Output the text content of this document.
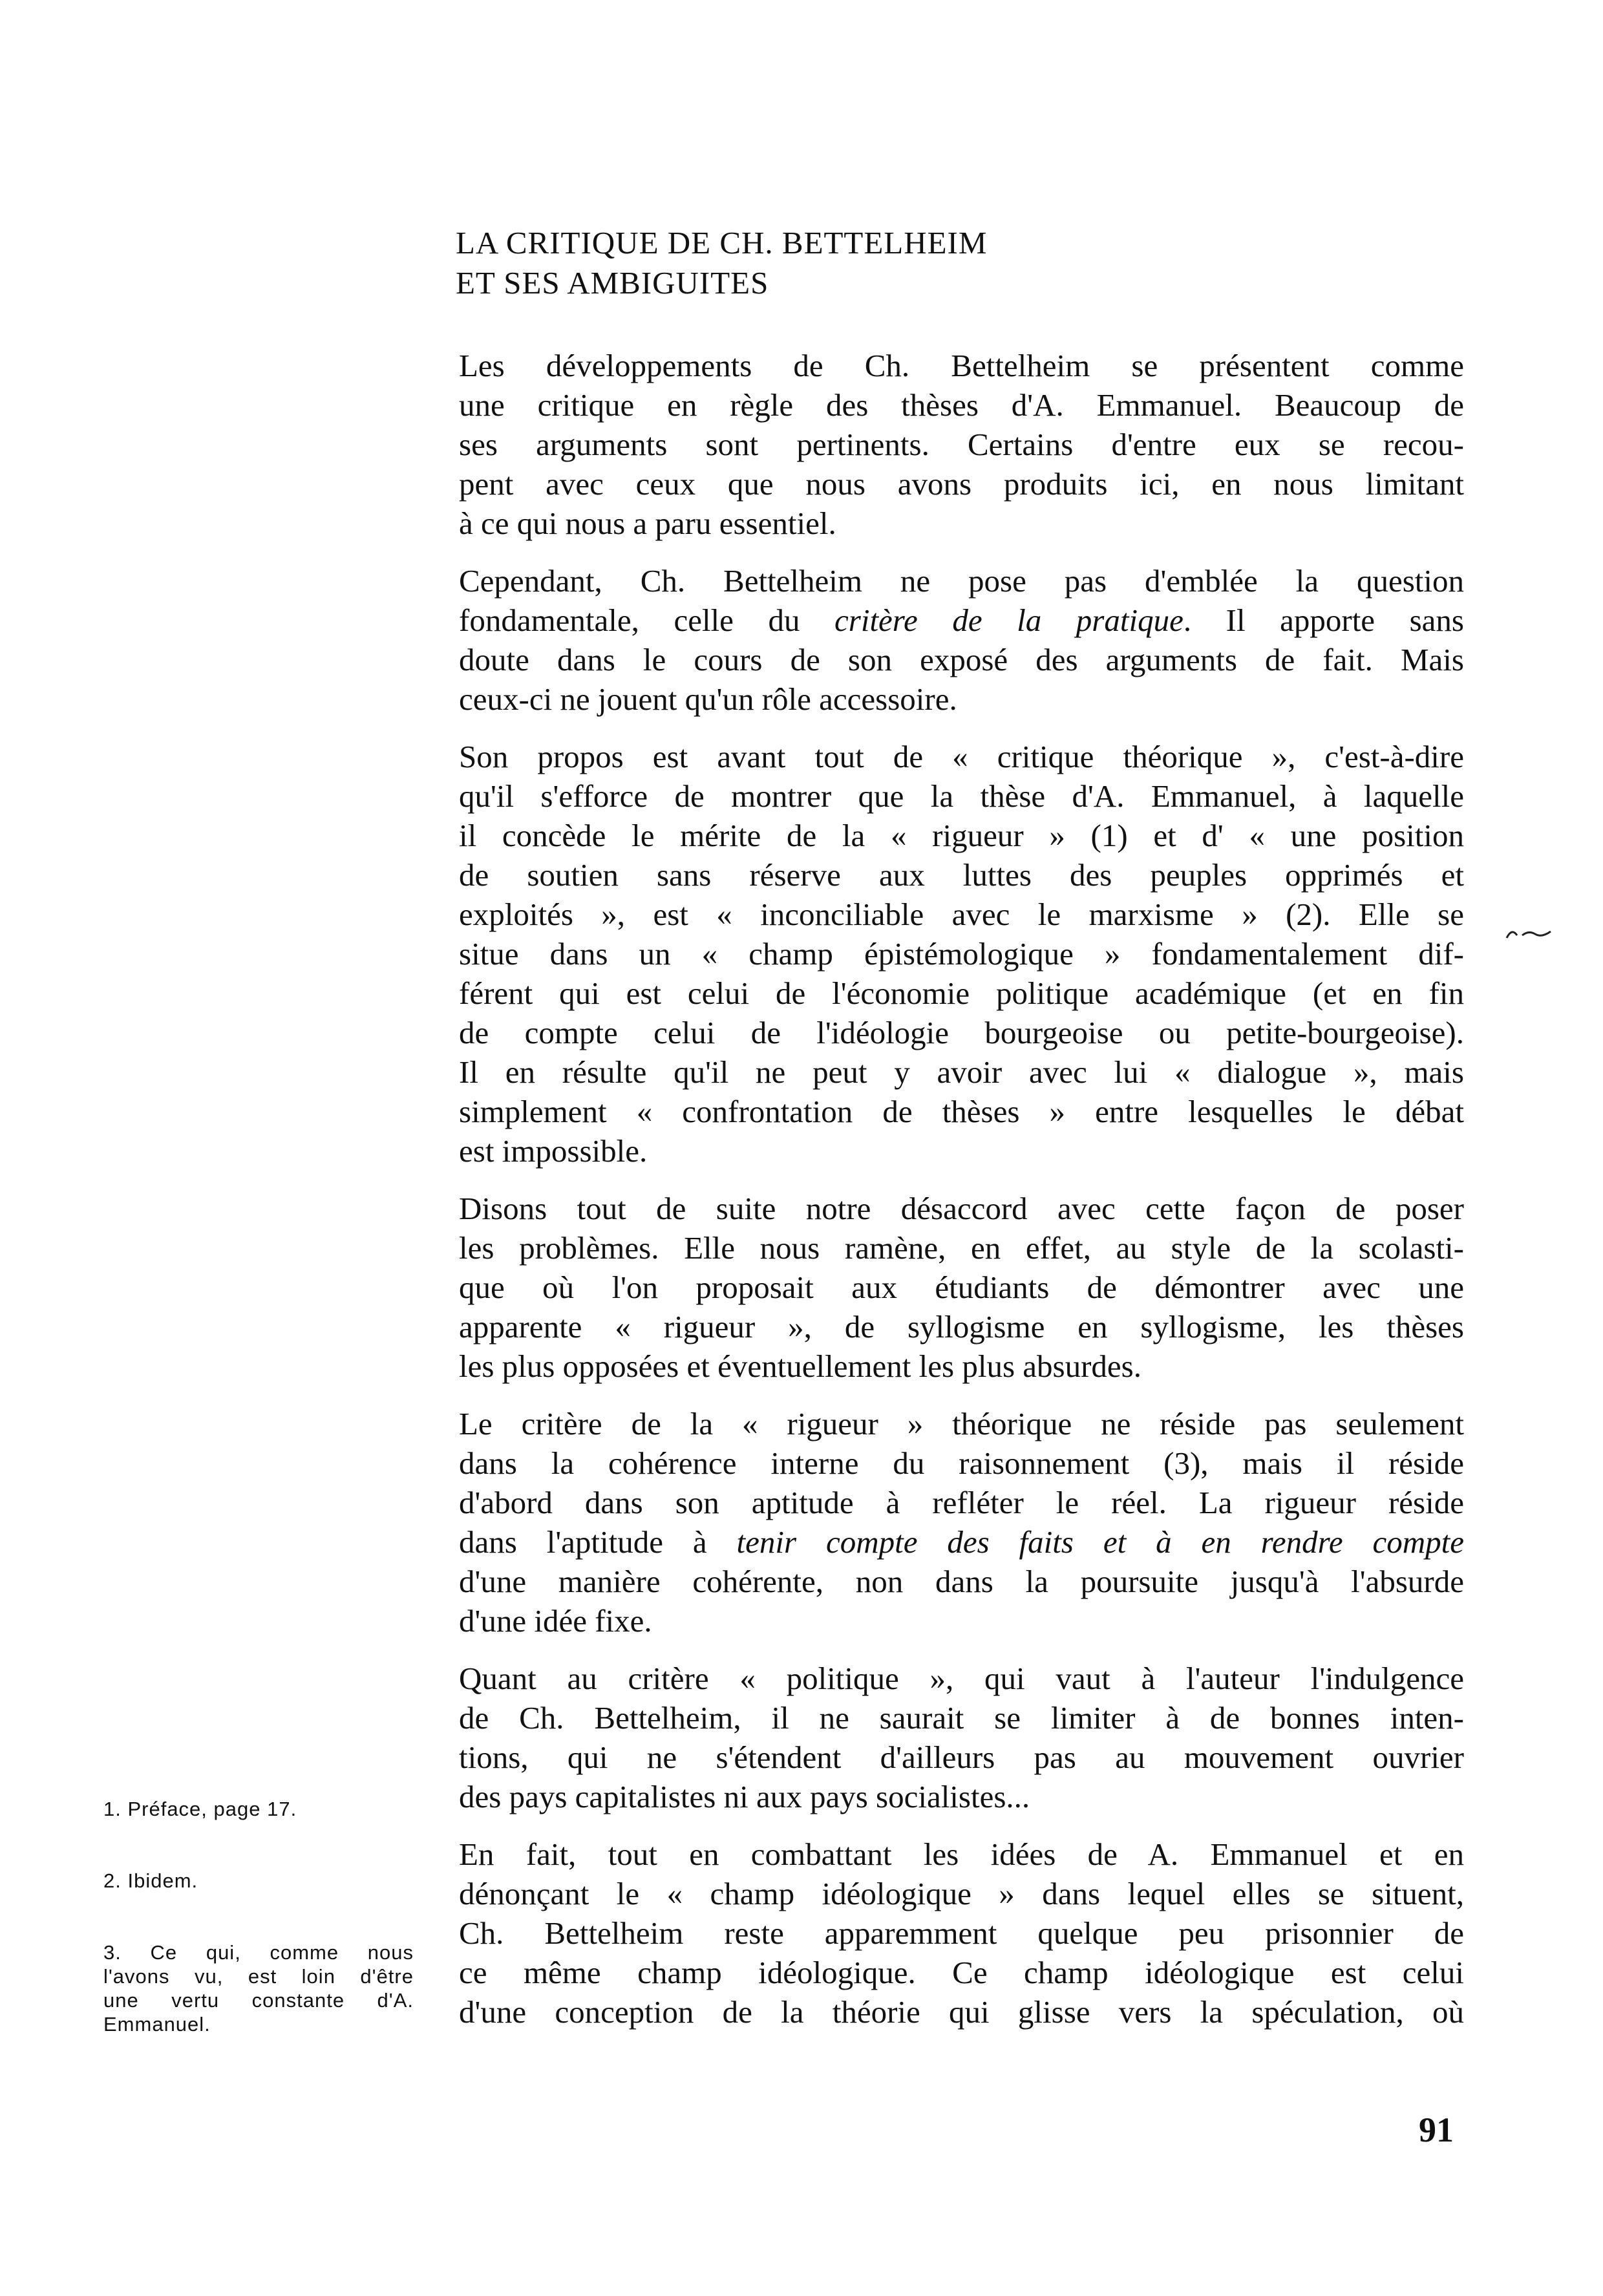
LA CRITIQUE DE CH. BETTELHEIM
ET SES AMBIGUITES
Les développements de Ch. Bettelheim se présentent comme
une critique en règle des thèses d'A. Emmanuel. Beaucoup de
ses arguments sont pertinents. Certains d'entre eux se recou-
pent avec ceux que nous avons produits ici, en nous limitant
à ce qui nous a paru essentiel.
Cependant, Ch. Bettelheim ne pose pas d'emblée la question
fondamentale, celle du critère de la pratique. Il apporte sans
doute dans le cours de son exposé des arguments de fait. Mais
ceux-ci ne jouent qu'un rôle accessoire.
Son propos est avant tout de « critique théorique », c'est-à-dire
qu'il s'efforce de montrer que la thèse d'A. Emmanuel, à laquelle
il concède le mérite de la « rigueur » (1) et d' « une position
de soutien sans réserve aux luttes des peuples opprimés et
exploités », est « inconciliable avec le marxisme » (2). Elle se
situe dans un « champ épistémologique » fondamentalement dif-
férent qui est celui de l'économie politique académique (et en fin
de compte celui de l'idéologie bourgeoise ou petite-bourgeoise).
Il en résulte qu'il ne peut y avoir avec lui « dialogue », mais
simplement « confrontation de thèses » entre lesquelles le débat
est impossible.
Disons tout de suite notre désaccord avec cette façon de poser
les problèmes. Elle nous ramène, en effet, au style de la scolasti-
que où l'on proposait aux étudiants de démontrer avec une
apparente « rigueur », de syllogisme en syllogisme, les thèses
les plus opposées et éventuellement les plus absurdes.
Le critère de la « rigueur » théorique ne réside pas seulement
dans la cohérence interne du raisonnement (3), mais il réside
d'abord dans son aptitude à refléter le réel. La rigueur réside
dans l'aptitude à tenir compte des faits et à en rendre compte
d'une manière cohérente, non dans la poursuite jusqu'à l'absurde
d'une idée fixe.
Quant au critère « politique », qui vaut à l'auteur l'indulgence
de Ch. Bettelheim, il ne saurait se limiter à de bonnes inten-
tions, qui ne s'étendent d'ailleurs pas au mouvement ouvrier
des pays capitalistes ni aux pays socialistes...
En fait, tout en combattant les idées de A. Emmanuel et en
dénonçant le « champ idéologique » dans lequel elles se situent,
Ch. Bettelheim reste apparemment quelque peu prisonnier de
ce même champ idéologique. Ce champ idéologique est celui
d'une conception de la théorie qui glisse vers la spéculation, où
1. Préface, page 17.
2. Ibidem.
3. Ce qui, comme nous
l'avons vu, est loin d'être
une vertu constante d'A.
Emmanuel.
91
